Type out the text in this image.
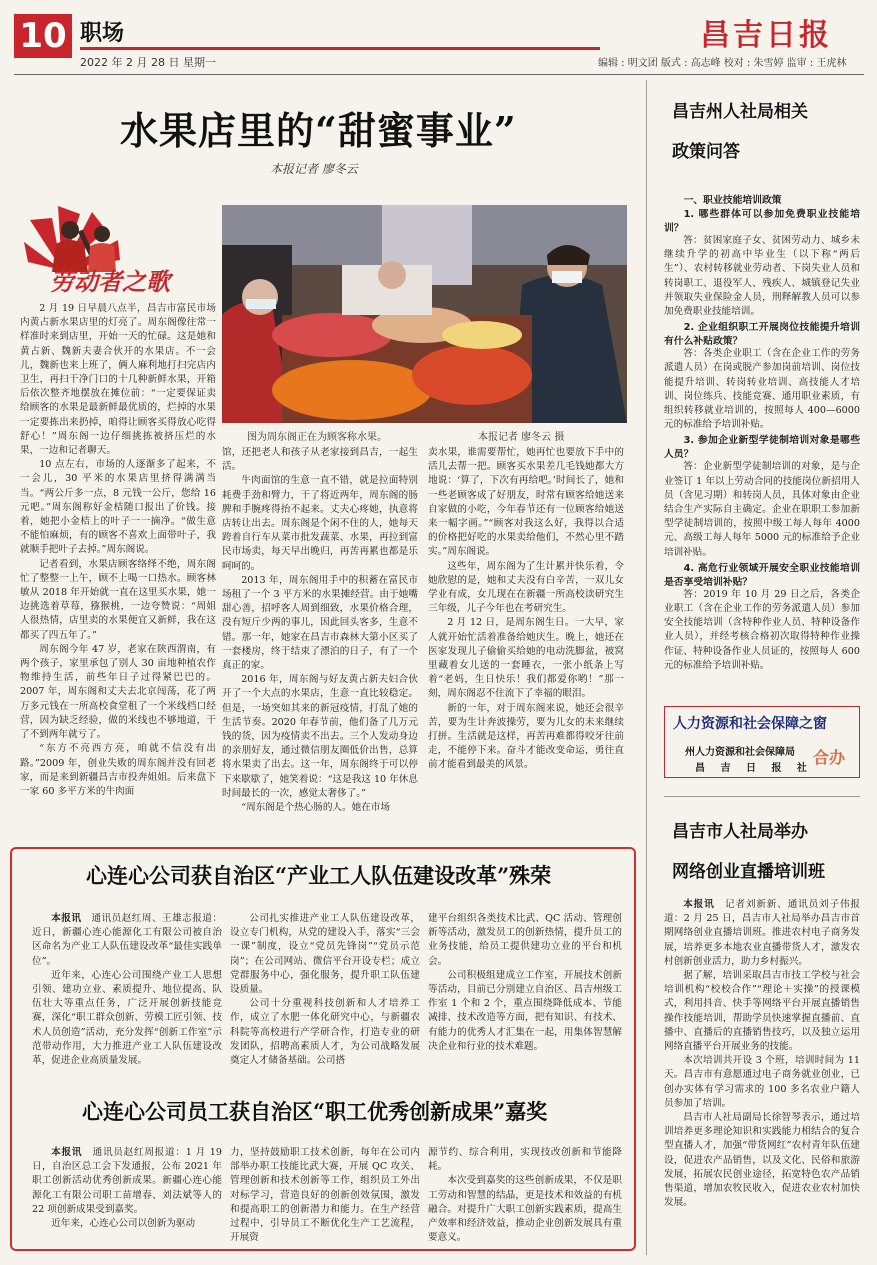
10 职场
2022 年 2 月 28 日 星期一
昌吉日报
编辑 : 明文团 版式 : 高志峰 校对 : 朱雪婷 监审 : 王虎林
水果店里的“甜蜜事业”
本报记者 廖冬云
劳动者之歌
图为周东阁正在为顾客称水果。	本报记者 廖冬云 摄

2 月 19 日早晨八点半，昌吉市富民市场内黄占新水果店里的灯亮了。周东阁像往常一样准时来到店里，开始一天的忙碌。这是她和黄占新、魏新夫妻合伙开的水果店。不一会儿，魏新也来上班了，俩人麻利地打扫完店内卫生，再扫干净门口的十几种新鲜水果，开箱后依次整齐地摆放在摊位前：“一定要保证卖给顾客的水果是最新鲜最优质的，烂掉的水果一定要拣出来扔掉，咱得让顾客买得放心吃得舒心！”周东阁一边仔细挑拣被挤压烂的水果，一边和记者聊天。

10 点左右，市场的人逐渐多了起来，不一会儿，30 平米的水果店里挤得满满当当。“两公斤多一点，8 元钱一公斤，您给 16 元吧。”周东阁称好金桔随口报出了价钱。接着，她把小金桔上的叶子一一摘净。“做生意不能怕麻烦，有的顾客不喜欢上面带叶子，我就顺手把叶子去掉。”周东阁说。

记者看到，水果店顾客络绎不绝，周东阁忙了整整一上午，顾不上喝一口热水。顾客林敏从 2018 年开始就一直在这里买水果，她一边挑选着草莓，猕猴桃，一边夸赞说：“周姐人很热情，店里卖的水果便宜又新鲜，我在这都买了四五年了。”

周东阁今年 47 岁，老家在陕西渭南，有两个孩子，家里承包了别人 30 亩地种植农作物维持生活，前些年日子过得紧巴巴的。2007 年，周东阁和丈夫去北京闯荡，花了两万多元钱在一所高校食堂租了一个米线档口经营，因为缺乏经验，做的米线也不够地道，干了不到两年就亏了。

“东方不亮西方亮，咱就不信没有出路。”2009 年，创业失败的周东阁并没有回老家，而是来到新疆昌吉市投奔姐姐。后来盘下一家 60 多平方米的牛肉面

馆，还把老人和孩子从老家接到昌吉，一起生活。

牛肉面馆的生意一直不错，就是拉面特别耗费手劲和臂力，干了将近两年，周东阁的肠脾和手腕疼得抬不起来。丈夫心疼她，执意将店转让出去。周东阁是个闲不住的人，她每天跨着自行车从菜市批发蔬菜、水果，再拉到富民市场卖，每天早出晚归，再苦再累也都是乐呵呵的。

2013 年，周东阁用手中的积蓄在富民市场租了一个 3 平方米的水果摊经营。由于她嘴甜心善，招呼客人周到细致，水果价格合理，没有短斤少两的事儿，因此回头客多，生意不错。那一年，她家在昌吉市森林大第小区买了一套楼房，终于结束了漂泊的日子，有了一个真正的家。

2016 年，周东阁与好友黄占新夫妇合伙开了一个大点的水果店，生意一直比较稳定。但是，一场突如其来的新冠疫情，打乱了她的生活节奏。2020 年春节前，他们备了几万元钱的货，因为疫情卖不出去。三个人发动身边的亲朋好友，通过微信朋友圈低价出售，总算将水果卖了出去。这一年，周东阁终于可以停下来歇歇了，她笑着说：“这是我这 10 年休息时间最长的一次，感觉太奢侈了。”

“周东阁是个热心肠的人。她在市场

卖水果，谁需要帮忙，她再忙也要放下手中的活儿去帮一把。顾客买水果差几毛钱她都大方地说：‘算了，下次有再给吧。’时间长了，她和一些老顾客成了好朋友，时常有顾客给她送来自家做的小吃，今年春节还有一位顾客给她送来一幅字画。”“顾客对我这么好，我得以合适的价格把好吃的水果卖给他们，不然心里不踏实。”周东阁说。

这些年，周东阁为了生计累并快乐着，令她欣慰的是，她和丈夫没有白辛苦，一双儿女学业有成，女儿现在在新疆一所高校读研究生三年级，儿子今年也在考研究生。

2 月 12 日，是周东阁生日。一大早，家人就开始忙活着准备给她庆生。晚上，她还在医家发现儿子偷偷买给她的电动洗脚盆，被窝里藏着女儿送的一套睡衣，一张小纸条上写着“老妈，生日快乐！我们都爱你哟！”那一刻，周东阁忍不住流下了幸福的眼泪。

新的一年，对于周东阁来说，她还会很辛苦，要为生计奔波操劳，要为儿女的未来继续打拼。生活就是这样，再苦再难都得咬牙往前走，不能停下来。奋斗才能改变命运，勇往直前才能看到最美的风景。

心连心公司获自治区“产业工人队伍建设改革”殊荣

本报讯　 通讯员赵红周、王雄志报道：近日，新疆心连心能源化工有限公司被自治区命名为产业工人队伍建设改革“最佳实践单位”。

近年来，心连心公司围绕产业工人思想引领、建功立业、素质提升、地位提高、队伍壮大等重点任务，广泛开展创新技能竞赛，深化“职工群众创新、劳模工匠引领、技术人员创造”活动，充分发挥“创新工作室”示范带动作用，大力推进产业工人队伍建设改革，促进企业高质量发展。

公司扎实推进产业工人队伍建设改革，设立专门机构，从党的建设入手，落实“三会一课”制度，设立“党员先锋岗”“党员示范岗”；在公司网站、微信平台开设专栏；成立党群服务中心，强化服务，提升职工队伍建设质量。

公司十分重视科技创新和人才培养工作，成立了水肥一体化研究中心，与新疆农科院等高校进行产学研合作，打造专业的研发团队，招聘高素质人才，为公司战略发展奠定人才储备基础。公司搭

建平台组织各类技术比武、QC 活动、管理创新等活动，激发员工的创新热情，提升员工的业务技能，给员工提供建功立业的平台和机会。

公司积极组建成立工作室，开展技术创新等活动，目前已分别建立自治区、昌吉州级工作室 1 个和 2 个，重点围绕降低成本、节能减排、技术改造等方面，把有知识、有技术、有能力的优秀人才汇集在一起，用集体智慧解决企业和行业的技术难题。

心连心公司员工获自治区“职工优秀创新成果”嘉奖

本报讯　 通讯员赵红周报道：1 月 19 日，自治区总工会下发通报，公布 2021 年职工创新活动优秀创新成果。新疆心连心能源化工有限公司职工苗增春、刘法斌等人的 22 项创新成果受到嘉奖。

近年来，心连心公司以创新为驱动

力，坚持鼓励职工技术创新，每年在公司内部举办职工技能比武大赛，开展 QC 攻关、管理创新和技术创新等工作，组织员工外出对标学习，营造良好的创新创效氛围，激发和提高职工的创新潜力和能力。在生产经营过程中，引导员工不断优化生产工艺流程，开展资

源节约、综合利用，实现技改创新和节能降耗。

本次受到嘉奖的这些创新成果，不仅是职工劳动和智慧的结晶，更是技术和效益的有机融合。对提升广大职工创新实践素质，提高生产效率和经济效益，推动企业创新发展具有重要意义。

昌吉州人社局相关
政策问答
一、职业技能培训政策
1. 哪些群体可以参加免费职业技能培训？

答：贫困家庭子女、贫困劳动力、城乡未继续升学的初高中毕业生（以下称“两后生”）、农村转移就业劳动者、下岗失业人员和转岗职工、退役军人、残疾人、城镇登记失业并领取失业保险金人员，刑释解教人员可以参加免费职业技能培训。

2. 企业组织职工开展岗位技能提升培训有什么补贴政策？

答：各类企业职工（含在企业工作的劳务派遣人员）在岗或脱产参加岗前培训、岗位技能提升培训、转岗转业培训、高技能人才培训、岗位练兵、技能竞赛、通用职业素质，有组织转移就业培训的，按照每人 400—6000 元的标准给予培训补贴。

3. 参加企业新型学徒制培训对象是哪些人员？

答：企业新型学徒制培训的对象，是与企业签订 1 年以上劳动合同的技能岗位新招用人员（含见习期）和转岗人员，具体对象由企业结合生产实际自主确定。企业在职职工参加新型学徒制培训的，按照中级工每人每年 4000 元、高级工每人每年 5000 元的标准给予企业培训补贴。

4. 高危行业领域开展安全职业技能培训是否享受培训补贴？

答：2019 年 10 月 29 日之后，各类企业职工（含在企业工作的劳务派遣人员）参加安全技能培训（含特种作业人员、特种设备作业人员），并经考核合格初次取得特种作业操作证、特种设备作业人员证的，按照每人 600 元的标准给予培训补贴。

人力资源和社会保障之窗
州人力资源和社会保障局
昌 吉 日 报 社
合办
昌吉市人社局举办
网络创业直播培训班

本报讯　 记者刘新新、通讯员刘子伟报道：2 月 25 日，昌吉市人社局举办昌吉市首期网络创业直播培训班。推进农村电子商务发展，培养更多本地农业直播带货人才，激发农村创新创业活力，助力乡村振兴。

据了解，培训采取昌吉市技工学校与社会培训机构“校校合作”“理论＋实操”的授课模式，利用抖音、快手等网络平台开展直播销售操作技能培训，帮助学员快速掌握直播前、直播中、直播后的直播销售技巧，以及独立运用网络直播平台开展业务的技能。

本次培训共开设 3 个班，培训时间为 11 天。昌吉市有意愿通过电子商务就业创业，已创办实体有学习需求的 100 多名农业户籍人员参加了培训。

昌吉市人社局副局长徐智琴表示，通过培训培养更多理论知识和实践能力相结合的复合型直播人才，加强“带货网红”农村青年队伍建设，促进农产品销售，以及文化、民俗和旅游发展，拓展农民创业途径，拓宽特色农产品销售渠道，增加农牧民收入，促进农业农村加快发展。
